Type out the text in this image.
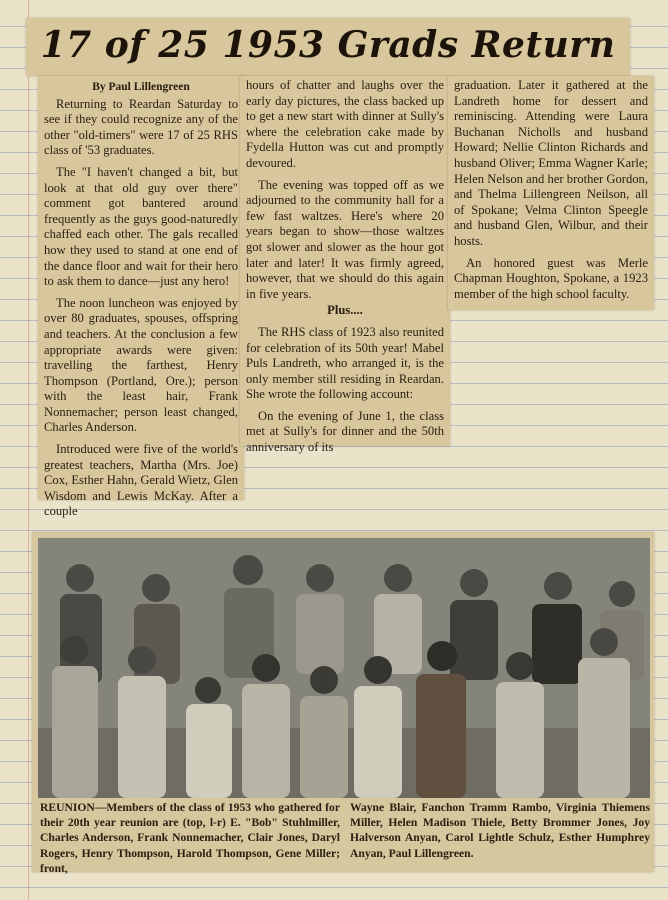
17 of 25 1953 Grads Return
By Paul Lillengreen

Returning to Reardan Saturday to see if they could recognize any of the other "old-timers" were 17 of 25 RHS class of '53 graduates.

The "I haven't changed a bit, but look at that old guy over there" comment got bantered around frequently as the guys good-naturedly chaffed each other. The gals recalled how they used to stand at one end of the dance floor and wait for their hero to ask them to dance—just any hero!

The noon luncheon was enjoyed by over 80 graduates, spouses, offspring and teachers. At the conclusion a few appropriate awards were given: travelling the farthest, Henry Thompson (Portland, Ore.); person with the least hair, Frank Nonnemacher; person least changed, Charles Anderson.

Introduced were five of the world's greatest teachers, Martha (Mrs. Joe) Cox, Esther Hahn, Gerald Wietz, Glen Wisdom and Lewis McKay. After a couple

hours of chatter and laughs over the early day pictures, the class backed up to get a new start with dinner at Sully's where the celebration cake made by Fydella Hutton was cut and promptly devoured.

The evening was topped off as we adjourned to the community hall for a few fast waltzes. Here's where 20 years began to show—those waltzes got slower and slower as the hour got later and later! It was firmly agreed, however, that we should do this again in five years.

Plus....

The RHS class of 1923 also reunited for celebration of its 50th year! Mabel Puls Landreth, who arranged it, is the only member still residing in Reardan. She wrote the following account:

On the evening of June 1, the class met at Sully's for dinner and the 50th anniversary of its

graduation. Later it gathered at the Landreth home for dessert and reminiscing. Attending were Laura Buchanan Nicholls and husband Howard; Nellie Clinton Richards and husband Oliver; Emma Wagner Karle; Helen Nelson and her brother Gordon, and Thelma Lillengreen Neilson, all of Spokane; Velma Clinton Speegle and husband Glen, Wilbur, and their hosts.

An honored guest was Merle Chapman Houghton, Spokane, a 1923 member of the high school faculty.

REUNION—Members of the class of 1953 who gathered for their 20th year reunion are (top, l-r) E. "Bob" Stuhlmiller, Charles Anderson, Frank Nonnemacher, Clair Jones, Daryl Rogers, Henry Thompson, Harold Thompson, Gene Miller; front,
Wayne Blair, Fanchon Tramm Rambo, Virginia Thiemens Miller, Helen Madison Thiele, Betty Brommer Jones, Joy Halverson Anyan, Carol Lightle Schulz, Esther Humphrey Anyan, Paul Lillengreen.
